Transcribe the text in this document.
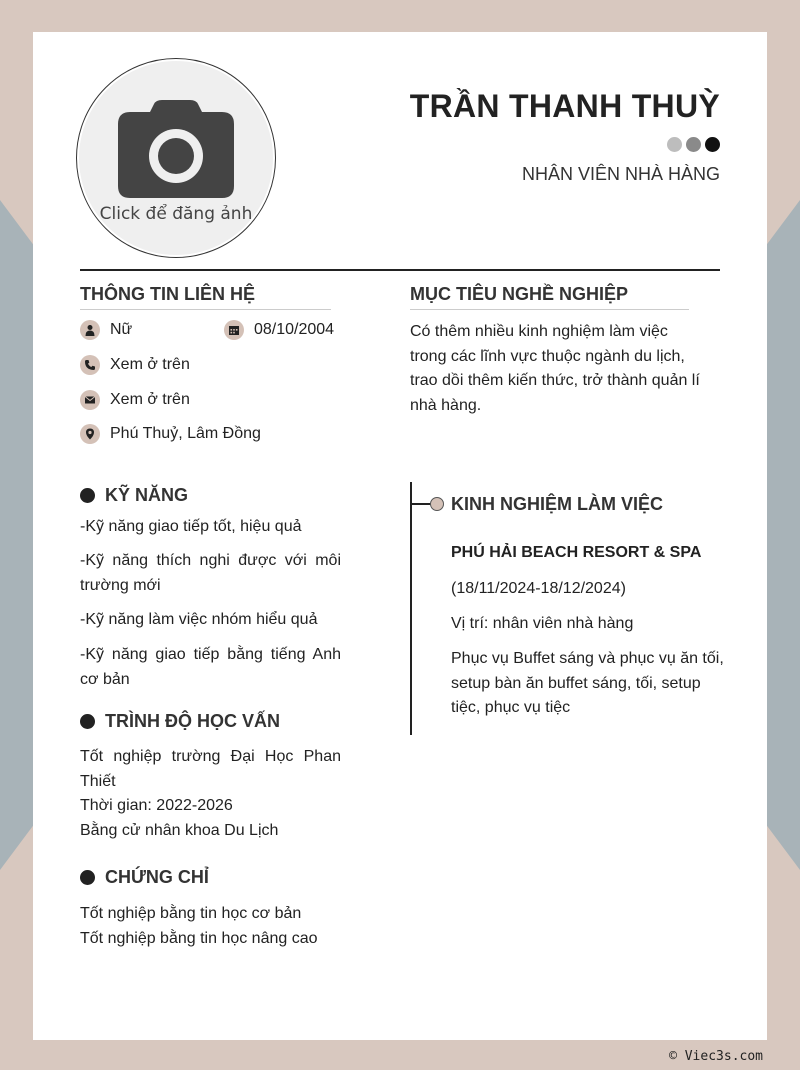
Click để đăng ảnh
TRẦN THANH THUỲ
NHÂN VIÊN NHÀ HÀNG
THÔNG TIN LIÊN HỆ
Nữ	08/10/2004
Xem ở trên
Xem ở trên
Phú Thuỷ, Lâm Đồng
MỤC TIÊU NGHỀ NGHIỆP
Có thêm nhiều kinh nghiệm làm việc
trong các lĩnh vực thuộc ngành du lịch,
trao dồi thêm kiến thức, trở thành quản lí
nhà hàng.
KỸ NĂNG
-Kỹ năng giao tiếp tốt, hiệu quả
-Kỹ năng thích nghi được với môi trường mới
-Kỹ năng làm việc nhóm hiểu quả
-Kỹ năng giao tiếp bằng tiếng Anh cơ bản
TRÌNH ĐỘ HỌC VẤN
Tốt nghiệp trường Đại Học Phan Thiết
Thời gian: 2022-2026
Bằng cử nhân khoa Du Lịch
CHỨNG CHỈ
Tốt nghiệp bằng tin học cơ bản
Tốt nghiệp bằng tin học nâng cao
KINH NGHIỆM LÀM VIỆC
PHÚ HẢI BEACH RESORT & SPA
(18/11/2024-18/12/2024)
Vị trí: nhân viên nhà hàng
Phục vụ Buffet sáng và phục vụ ăn tối,
setup bàn ăn buffet sáng, tối, setup
tiệc, phục vụ tiệc
© Viec3s.com
